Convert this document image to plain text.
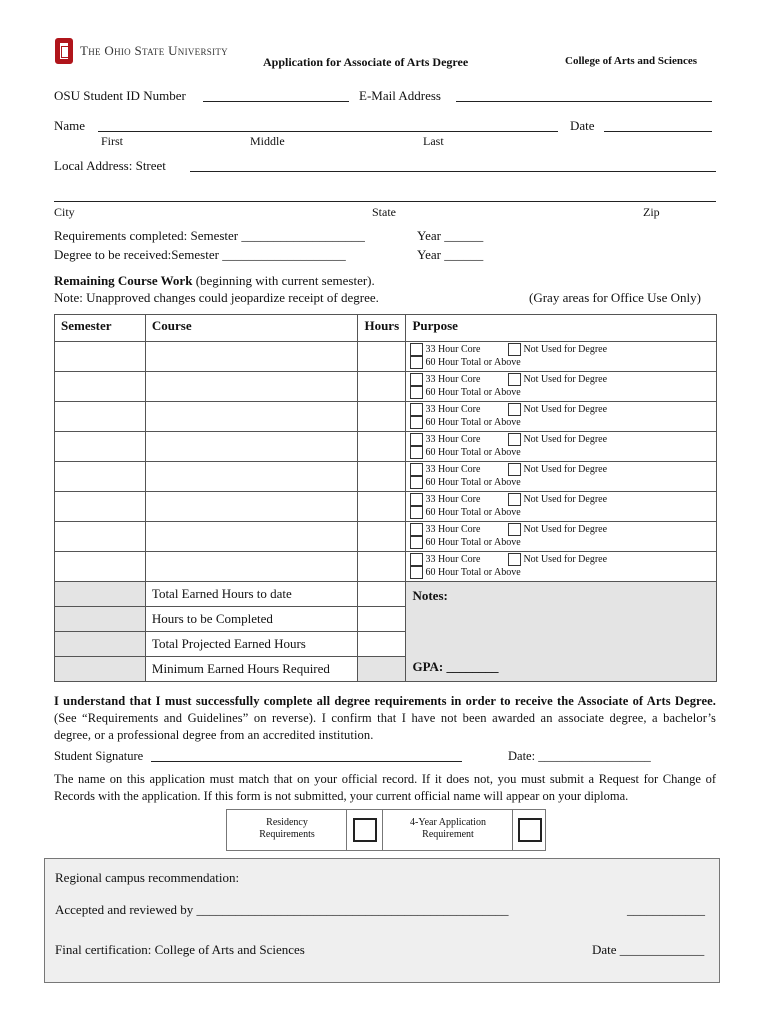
The Ohio State University
Application for Associate of Arts Degree	College of Arts and Sciences
OSU Student ID Number	E-Mail Address
Name	Date
First	Middle	Last
Local Address: Street
City	State	Zip
Requirements completed: Semester ___________________	Year ______
Degree to be received:Semester ___________________	Year ______
Remaining Course Work (beginning with current semester).
Note: Unapproved changes could jeopardize receipt of degree.	(Gray areas for Office Use Only)
Semester	Course	Hours	Purpose

			33 Hour Core Not Used for Degree
60 Hour Total or Above

			33 Hour Core Not Used for Degree
60 Hour Total or Above

			33 Hour Core Not Used for Degree
60 Hour Total or Above

			33 Hour Core Not Used for Degree
60 Hour Total or Above

			33 Hour Core Not Used for Degree
60 Hour Total or Above

			33 Hour Core Not Used for Degree
60 Hour Total or Above

			33 Hour Core Not Used for Degree
60 Hour Total or Above

			33 Hour Core Not Used for Degree
60 Hour Total or Above

	Total Earned Hours to date		Notes:
GPA: ________

	Hours to be Completed		
	Total Projected Earned Hours		
	Minimum Earned Hours Required		
I understand that I must successfully complete all degree requirements in order to receive the Associate of Arts Degree. (See “Requirements and Guidelines” on reverse). I confirm that I have not been awarded an associate degree, a bachelor’s degree, or a professional degree from an accredited institution.
Student Signature	Date: __________________
The name on this application must match that on your official record. If it does not, you must submit a Request for Change of Records with the application. If this form is not submitted, your current official name will appear on your diploma.
Residency
Requirements
4-Year Application
Requirement
Regional campus recommendation:
Accepted and reviewed by ________________________________________________	____________
Final certification: College of Arts and Sciences	Date _____________
